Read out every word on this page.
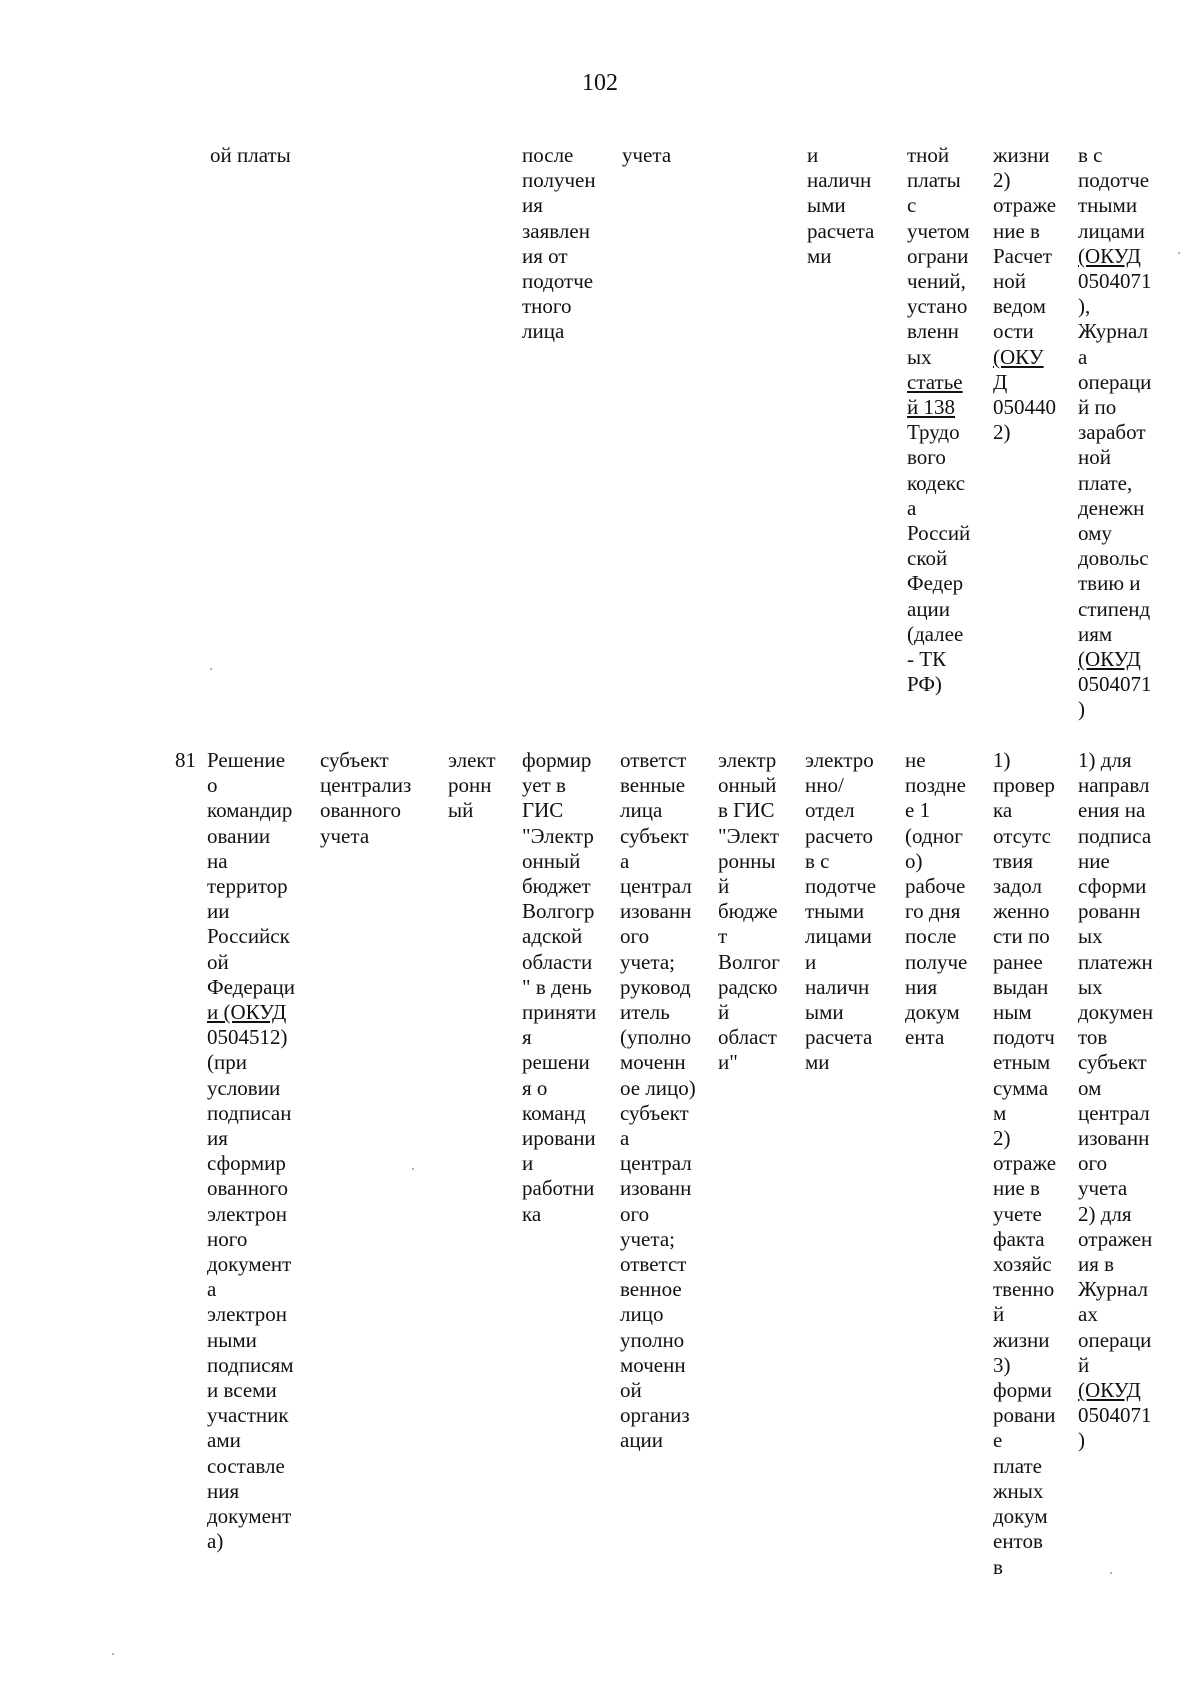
102
ой платы	после
получен
ия
заявлен
ия от
подотче
тного
лица
учета	и
наличн
ыми
расчета
ми
тной
платы
с
учетом
ограни
чений,
устано
вленн
ых
статье
й 138
Трудо
вого
кодекс
а
Россий
ской
Федер
ации
(далее
- ТК
РФ)
жизни
2)
отраже
ние в
Расчет
ной
ведом
ости
(ОКУ
Д
050440
2)
в с
подотче
тными
лицами
(ОКУД
0504071
),
Журнал
а
операци
й по
заработ
ной
плате,
денежн
ому
довольс
твию и
стипенд
иям
(ОКУД
0504071
)
81 Решение
о
командир
овании
на
территор
ии
Российск
ой
Федераци
и (ОКУД
0504512)
(при
условии
подписан
ия
сформир
ованного
электрон
ного
документ
а
электрон
ными
подписям
и всеми
участник
ами
составле
ния
документ
а)
субъект
централиз
ованного
учета
элект
ронн
ый
формир
ует в
ГИС
"Электр
онный
бюджет
Волгогр
адской
области
" в день
приняти
я
решени
я о
команд
ировани
и
работни
ка
ответст
венные
лица
субъект
а
централ
изованн
ого
учета;
руковод
итель
(уполно
моченн
ое лицо)
субъект
а
централ
изованн
ого
учета;
ответст
венное
лицо
уполно
моченн
ой
организ
ации
электр
онный
в ГИС
"Элект
ронны
й
бюдже
т
Волгог
радско
й
област
и"
электро
нно/
отдел
расчето
в с
подотче
тными
лицами
и
наличн
ыми
расчета
ми
не
поздне
е 1
(одног
о)
рабоче
го дня
после
получе
ния
докум
ента
1)
провер
ка
отсутс
твия
задол
женно
сти по
ранее
выдан
ным
подотч
етным
сумма
м
2)
отраже
ние в
учете
факта
хозяйс
твенно
й
жизни
3)
форми
ровани
е
плате
жных
докум
ентов
в
1) для
направл
ения на
подписа
ние
сформи
рованн
ых
платежн
ых
докумен
тов
субъект
ом
централ
изованн
ого
учета
2) для
отражен
ия в
Журнал
ах
операци
й
(ОКУД
0504071
)
